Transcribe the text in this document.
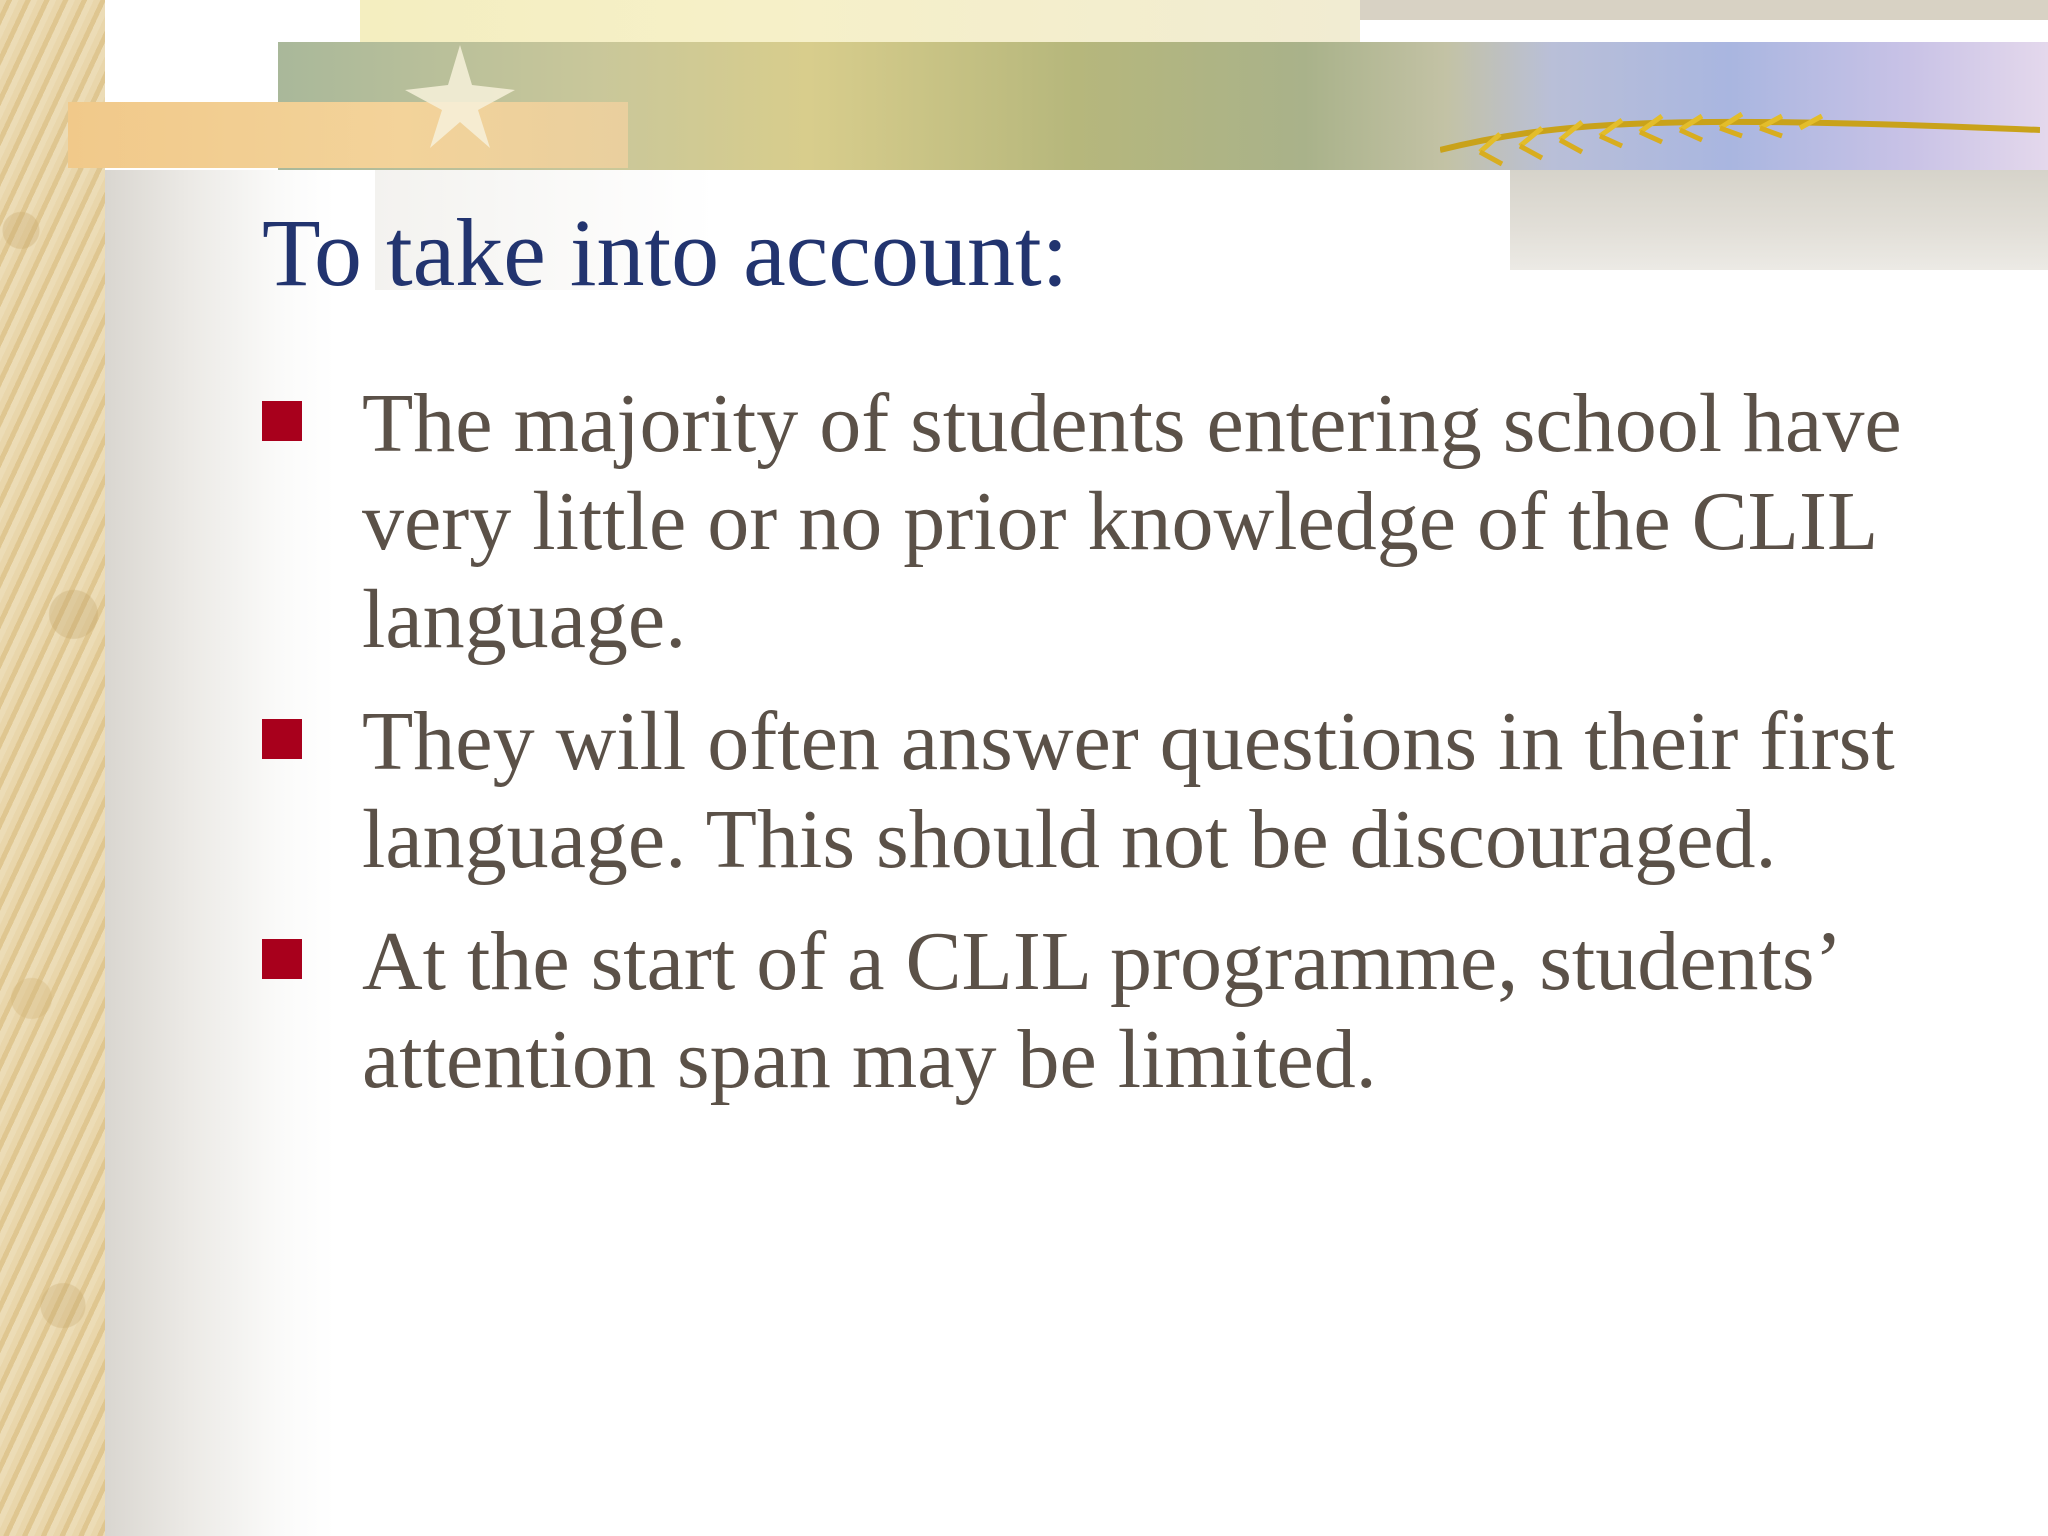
To take into account:
The majority of students entering school have very little or no prior knowledge of the CLIL language.
They will often answer questions in their first language. This should not be discouraged.
At the start of a CLIL programme, students’ attention span may be limited.
